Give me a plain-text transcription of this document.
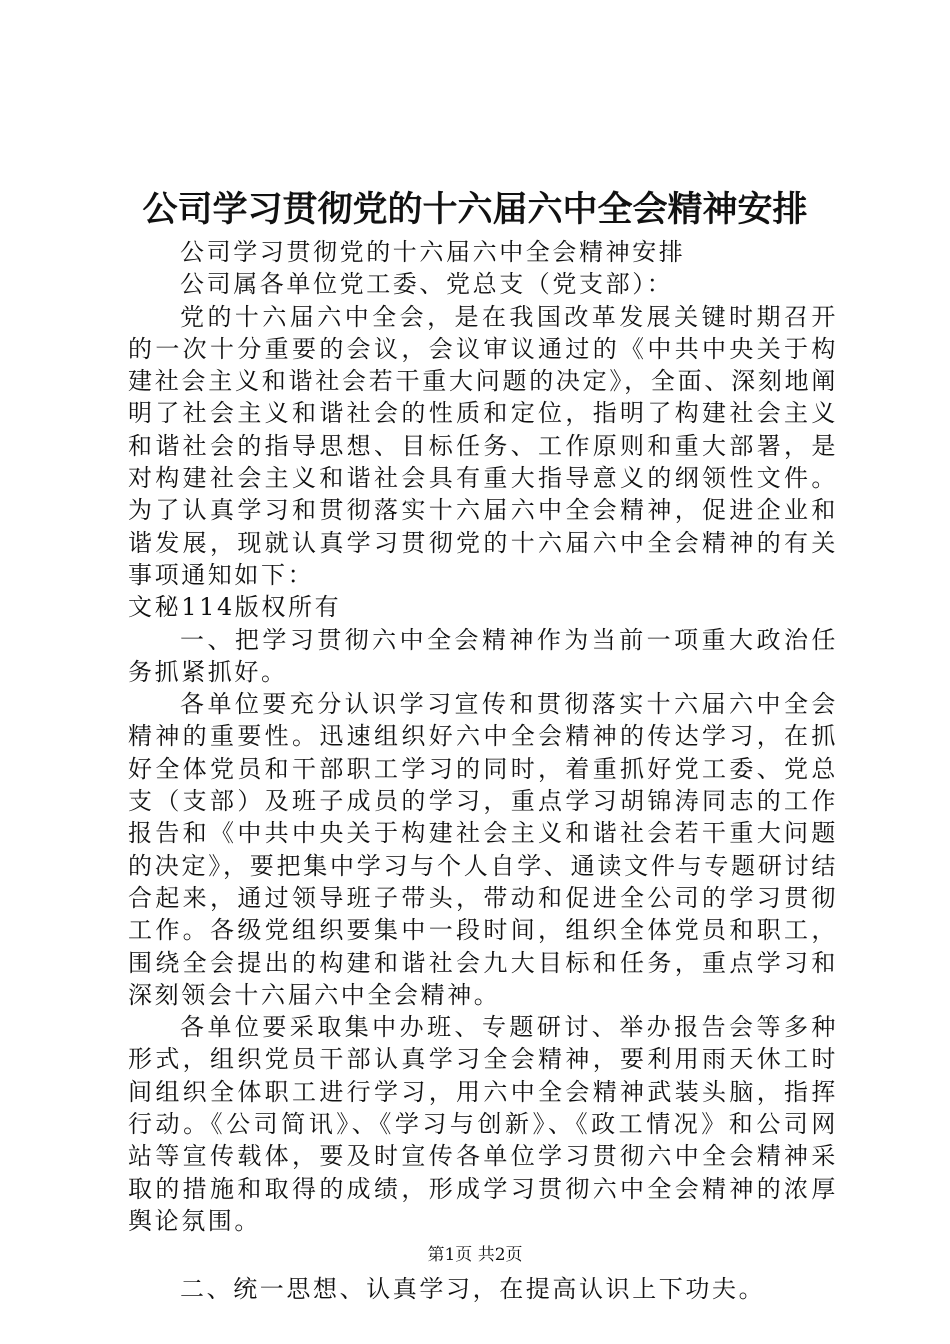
公司学习贯彻党的十六届六中全会精神安排

公司学习贯彻党的十六届六中全会精神安排

公司属各单位党工委、党总支（党支部）：

党的十六届六中全会，是在我国改革发展关键时期召开的一次十分重要的会议，会议审议通过的《中共中央关于构建社会主义和谐社会若干重大问题的决定》，全面、深刻地阐明了社会主义和谐社会的性质和定位，指明了构建社会主义和谐社会的指导思想、目标任务、工作原则和重大部署，是对构建社会主义和谐社会具有重大指导意义的纲领性文件。为了认真学习和贯彻落实十六届六中全会精神，促进企业和谐发展，现就认真学习贯彻党的十六届六中全会精神的有关事项通知如下：

文秘114版权所有

一、把学习贯彻六中全会精神作为当前一项重大政治任务抓紧抓好。

各单位要充分认识学习宣传和贯彻落实十六届六中全会精神的重要性。迅速组织好六中全会精神的传达学习，在抓好全体党员和干部职工学习的同时，着重抓好党工委、党总支（支部）及班子成员的学习，重点学习胡锦涛同志的工作报告和《中共中央关于构建社会主义和谐社会若干重大问题的决定》，要把集中学习与个人自学、通读文件与专题研讨结合起来，通过领导班子带头，带动和促进全公司的学习贯彻工作。各级党组织要集中一段时间，组织全体党员和职工，围绕全会提出的构建和谐社会九大目标和任务，重点学习和深刻领会十六届六中全会精神。

各单位要采取集中办班、专题研讨、举办报告会等多种形式，组织党员干部认真学习全会精神，要利用雨天休工时间组织全体职工进行学习，用六中全会精神武装头脑，指挥行动。《公司简讯》、《学习与创新》、《政工情况》和公司网站等宣传载体，要及时宣传各单位学习贯彻六中全会精神采取的措施和取得的成绩，形成学习贯彻六中全会精神的浓厚舆论氛围。

二、统一思想、认真学习，在提高认识上下功夫。

第1页 共2页
